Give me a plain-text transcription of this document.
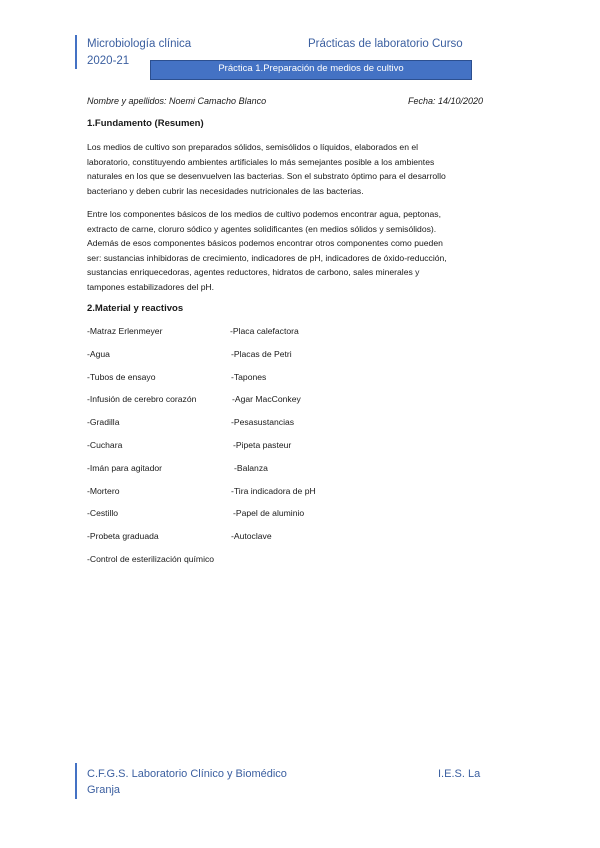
Microbiología clínica	Prácticas de laboratorio Curso
2020-21
Práctica 1.Preparación de medios de cultivo
Nombre y apellidos: Noemi Camacho Blanco	Fecha: 14/10/2020
1.Fundamento (Resumen)
Los medios de cultivo son preparados sólidos, semisólidos o líquidos, elaborados en el
laboratorio, constituyendo ambientes artificiales lo más semejantes posible a los ambientes
naturales en los que se desenvuelven las bacterias. Son el substrato óptimo para el desarrollo
bacteriano y deben cubrir las necesidades nutricionales de las bacterias.
Entre los componentes básicos de los medios de cultivo podemos encontrar agua, peptonas,
extracto de carne, cloruro sódico y agentes solidificantes (en medios sólidos y semisólidos).
Además de esos componentes básicos podemos encontrar otros componentes como pueden
ser: sustancias inhibidoras de crecimiento, indicadores de pH, indicadores de óxido-reducción,
sustancias enriquecedoras, agentes reductores, hidratos de carbono, sales minerales y
tampones estabilizadores del pH.
2.Material y reactivos
-Matraz Erlenmeyer	-Placa calefactora
-Agua	-Placas de Petri
-Tubos de ensayo	-Tapones
-Infusión de cerebro corazón	-Agar MacConkey
-Gradilla	-Pesasustancias
-Cuchara	-Pipeta pasteur
-Imán para agitador	-Balanza
-Mortero	-Tira indicadora de pH
-Cestillo	-Papel de aluminio
-Probeta graduada	-Autoclave
-Control de esterilización químico
C.F.G.S. Laboratorio Clínico y Biomédico	I.E.S. La
Granja
